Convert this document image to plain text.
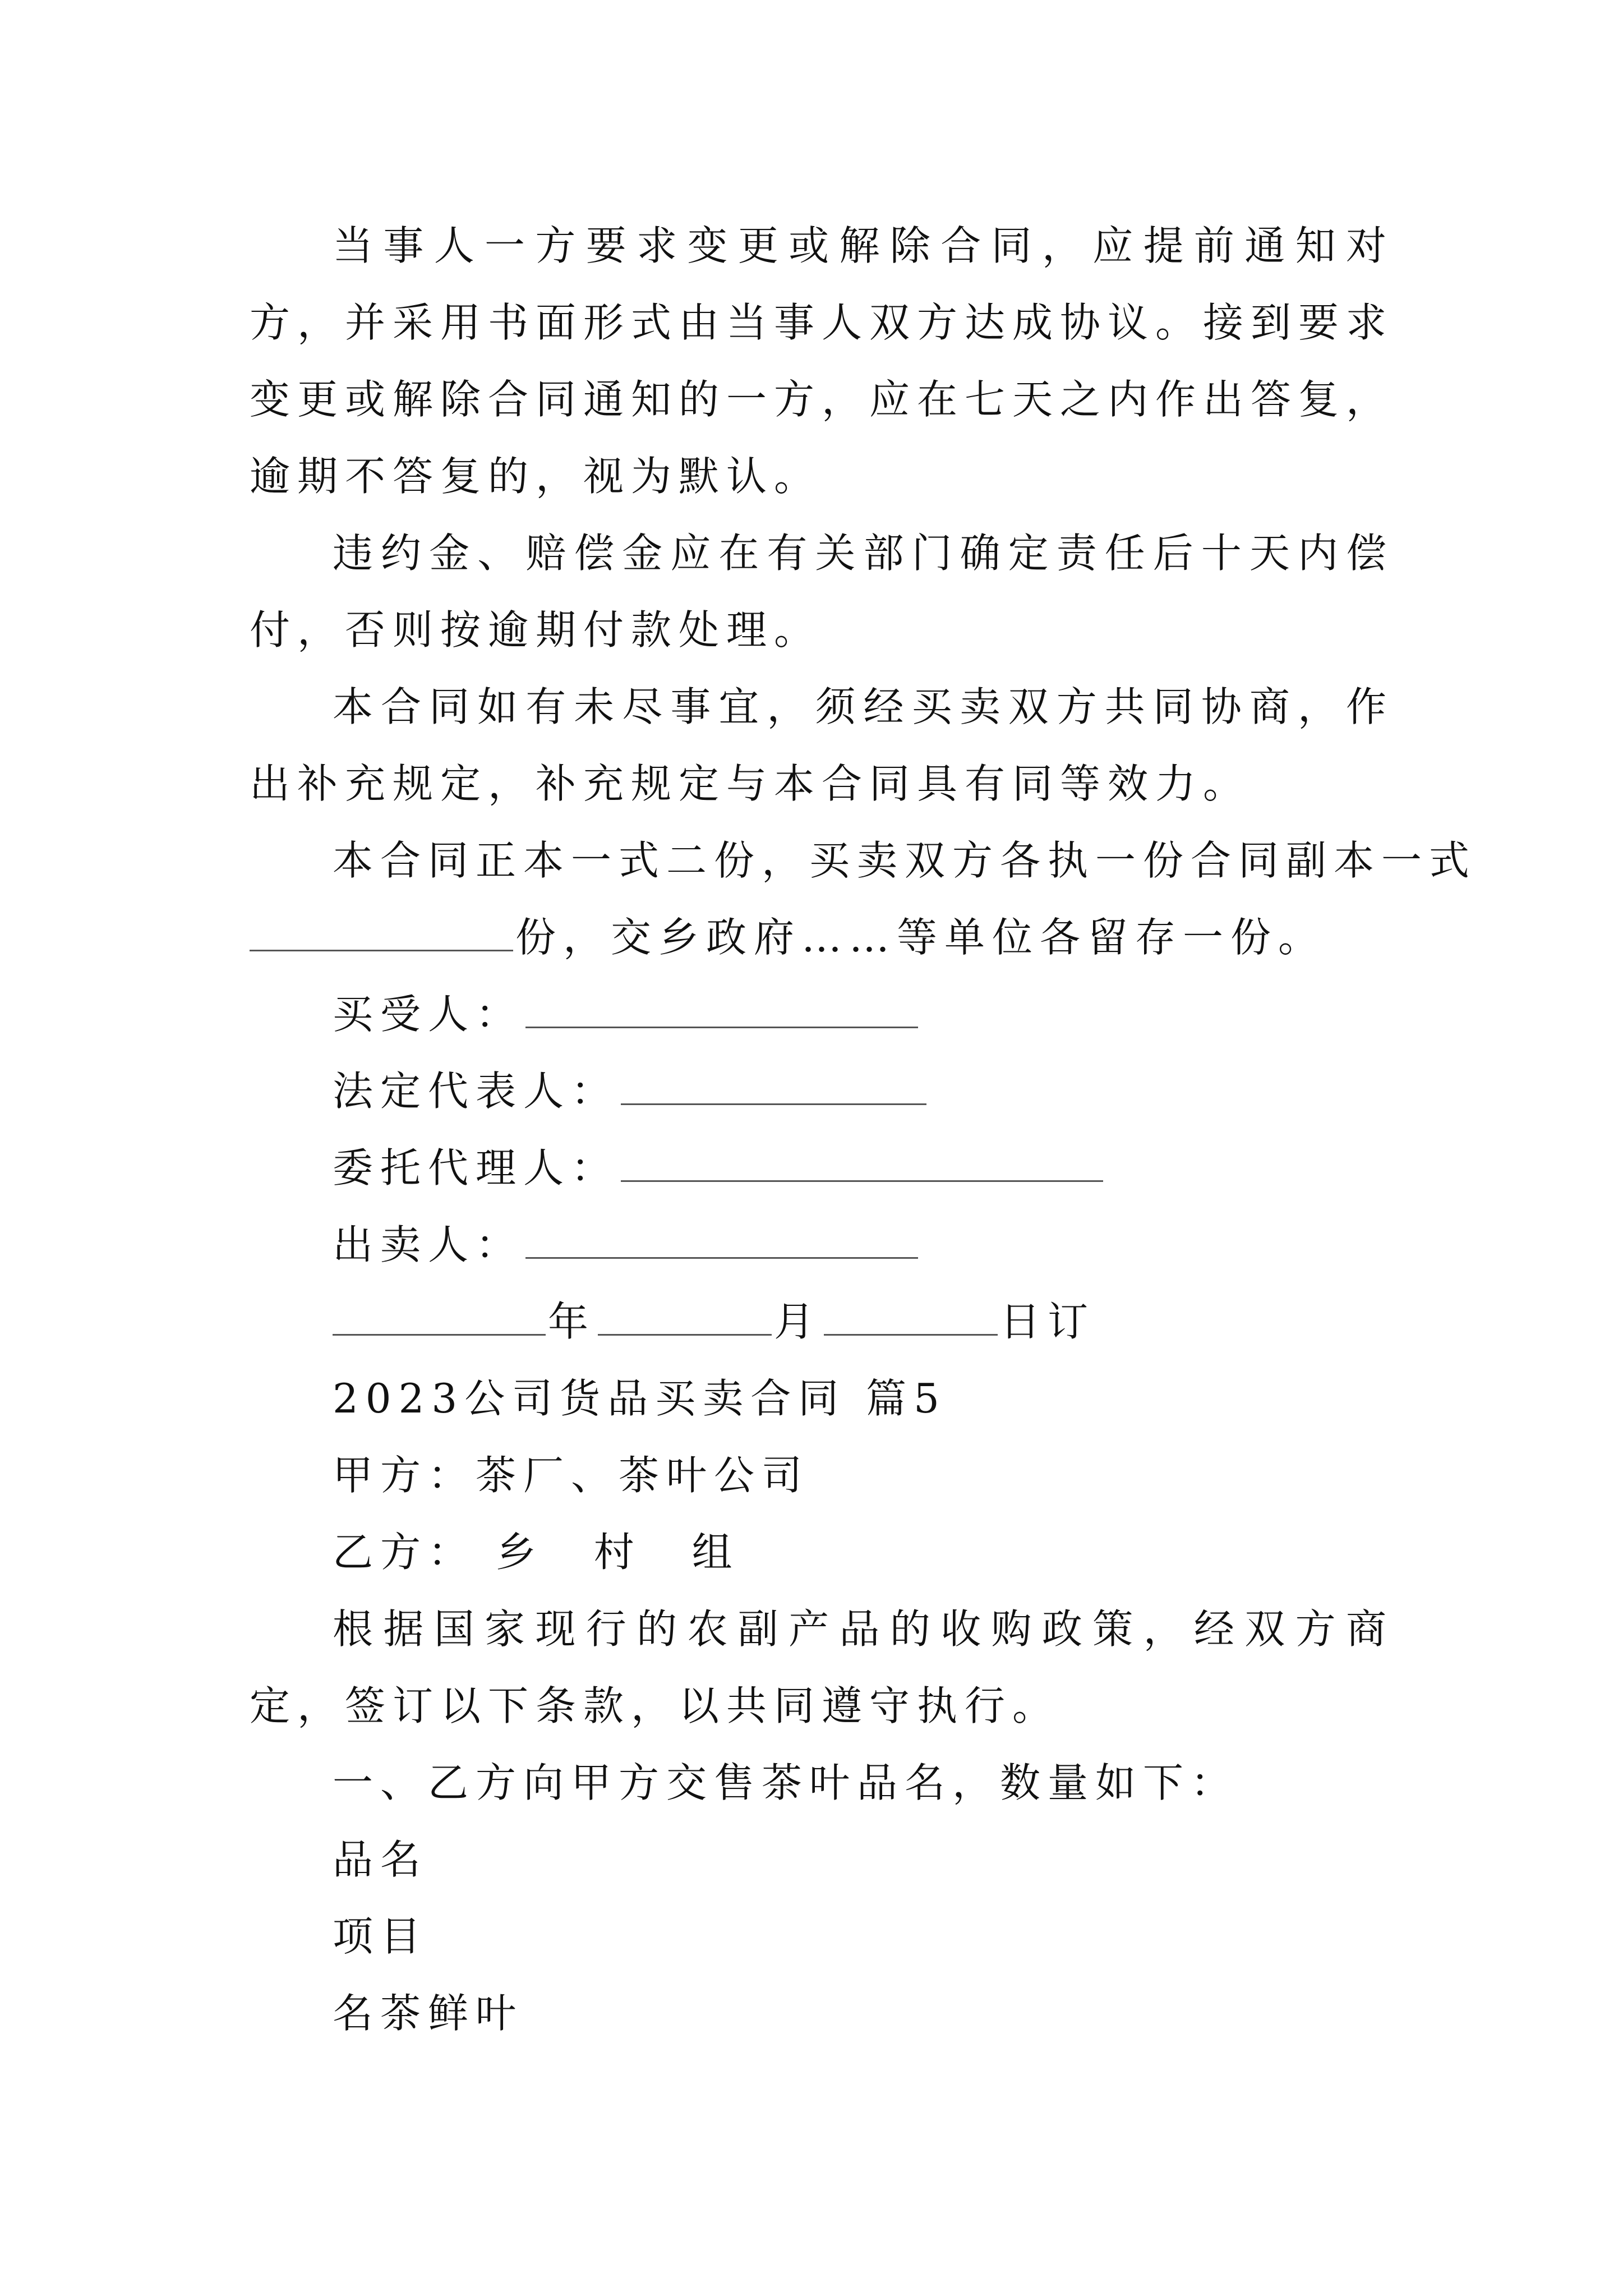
当事人一方要求变更或解除合同，应提前通知对方，并采用书面形式由当事人双方达成协议。接到要求变更或解除合同通知的一方，应在七天之内作出答复，逾期不答复的，视为默认。

违约金、赔偿金应在有关部门确定责任后十天内偿付，否则按逾期付款处理。

本合同如有未尽事宜，须经买卖双方共同协商，作出补充规定，补充规定与本合同具有同等效力。

本合同正本一式二份，买卖双方各执一份合同副本一式

份，交乡政府……等单位各留存一份。

买受人：

法定代表人：

委托代理人：

出卖人：

年	月	日订

2023公司货品买卖合同 篇5

甲方：茶厂、茶叶公司

乙方： 乡 村 组

根据国家现行的农副产品的收购政策，经双方商定，签订以下条款，以共同遵守执行。

一、乙方向甲方交售茶叶品名，数量如下：

品名

项目

名茶鲜叶
